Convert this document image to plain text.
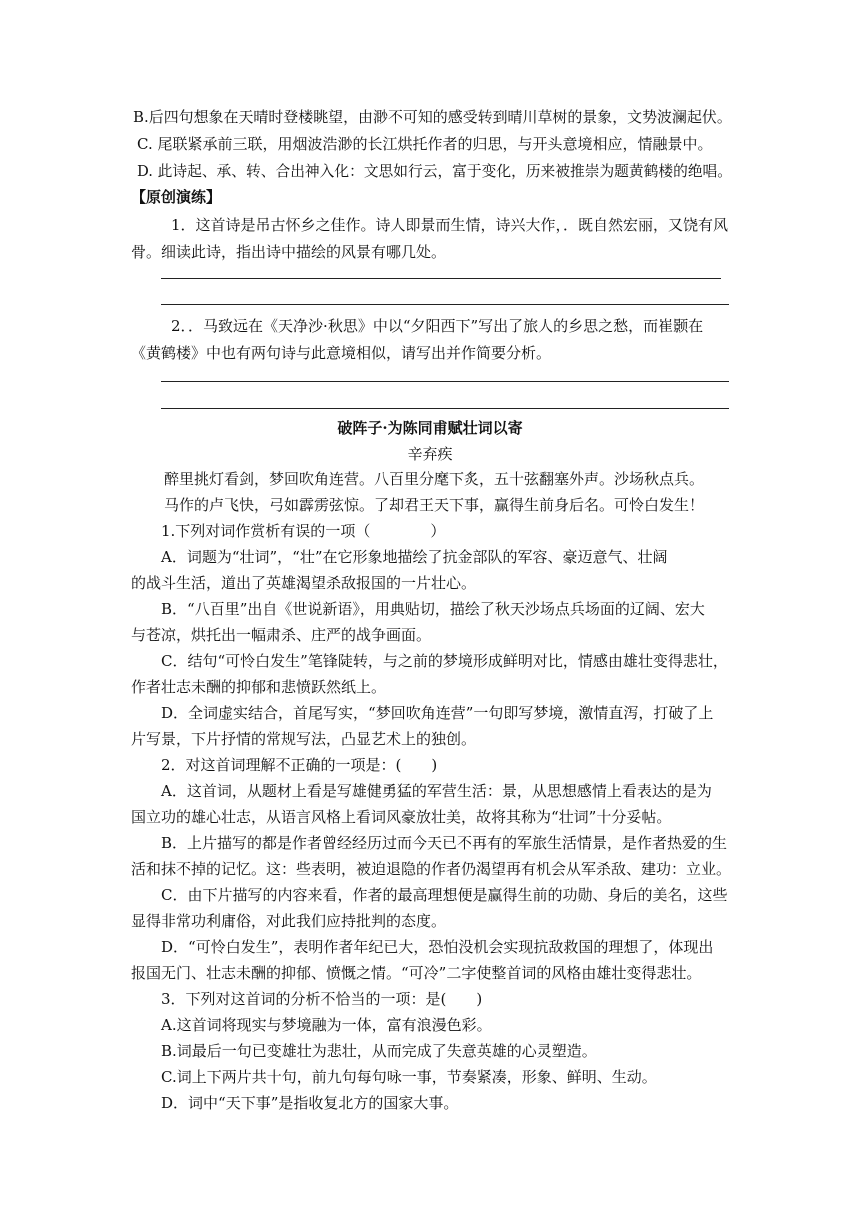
B.后四句想象在天晴时登楼眺望，由渺不可知的感受转到晴川草树的景象，文势波澜起伏。
C. 尾联紧承前三联，用烟波浩渺的长江烘托作者的归思，与开头意境相应，情融景中。
D. 此诗起、承、转、合出神入化：文思如行云，富于变化，历来被推崇为题黄鹤楼的绝唱。
【原创演练】
1．这首诗是吊古怀乡之佳作。诗人即景而生情，诗兴大作，．既自然宏丽，又饶有风
骨。细读此诗，指出诗中描绘的风景有哪几处。
2．．马致远在《天净沙·秋思》中以“夕阳西下”写出了旅人的乡思之愁，而崔颢在
《黄鹤楼》中也有两句诗与此意境相似，请写出并作简要分析。
破阵子·为陈同甫赋壮词以寄
辛弃疾
醉里挑灯看剑，梦回吹角连营。八百里分麾下炙，五十弦翻塞外声。沙场秋点兵。
马作的卢飞快，弓如霹雳弦惊。了却君王天下事，赢得生前身后名。可怜白发生！
1.下列对词作赏析有误的一项（　　　　）
A．词题为“壮词”，“壮”在它形象地描绘了抗金部队的军容、豪迈意气、壮阔
的战斗生活，道出了英雄渴望杀敌报国的一片壮心。
B．“八百里”出自《世说新语》，用典贴切，描绘了秋天沙场点兵场面的辽阔、宏大
与苍凉，烘托出一幅肃杀、庄严的战争画面。
C．结句“可怜白发生”笔锋陡转，与之前的梦境形成鲜明对比，情感由雄壮变得悲壮，
作者壮志未酬的抑郁和悲愤跃然纸上。
D．全词虚实结合，首尾写实，“梦回吹角连营”一句即写梦境，激情直泻，打破了上
片写景，下片抒情的常规写法，凸显艺术上的独创。
2．对这首词理解不正确的一项是：(　　)
A．这首词，从题材上看是写雄健勇猛的军营生活：景，从思想感情上看表达的是为
国立功的雄心壮志，从语言风格上看词风豪放壮美，故将其称为“壮词”十分妥帖。
B．上片描写的都是作者曾经经历过而今天已不再有的军旅生活情景，是作者热爱的生
活和抹不掉的记忆。这：些表明，被迫退隐的作者仍渴望再有机会从军杀敌、建功：立业。
C．由下片描写的内容来看，作者的最高理想便是赢得生前的功勋、身后的美名，这些
显得非常功利庸俗，对此我们应持批判的态度。
D．“可怜白发生”，表明作者年纪已大，恐怕没机会实现抗敌救国的理想了，体现出
报国无门、壮志未酬的抑郁、愤慨之情。“可冷”二字使整首词的风格由雄壮变得悲壮。
3．下列对这首词的分析不恰当的一项：是(　　)
A.这首词将现实与梦境融为一体，富有浪漫色彩。
B.词最后一句已变雄壮为悲壮，从而完成了失意英雄的心灵塑造。
C.词上下两片共十句，前九句每句咏一事，节奏紧凑，形象、鲜明、生动。
D．词中“天下事”是指收复北方的国家大事。
